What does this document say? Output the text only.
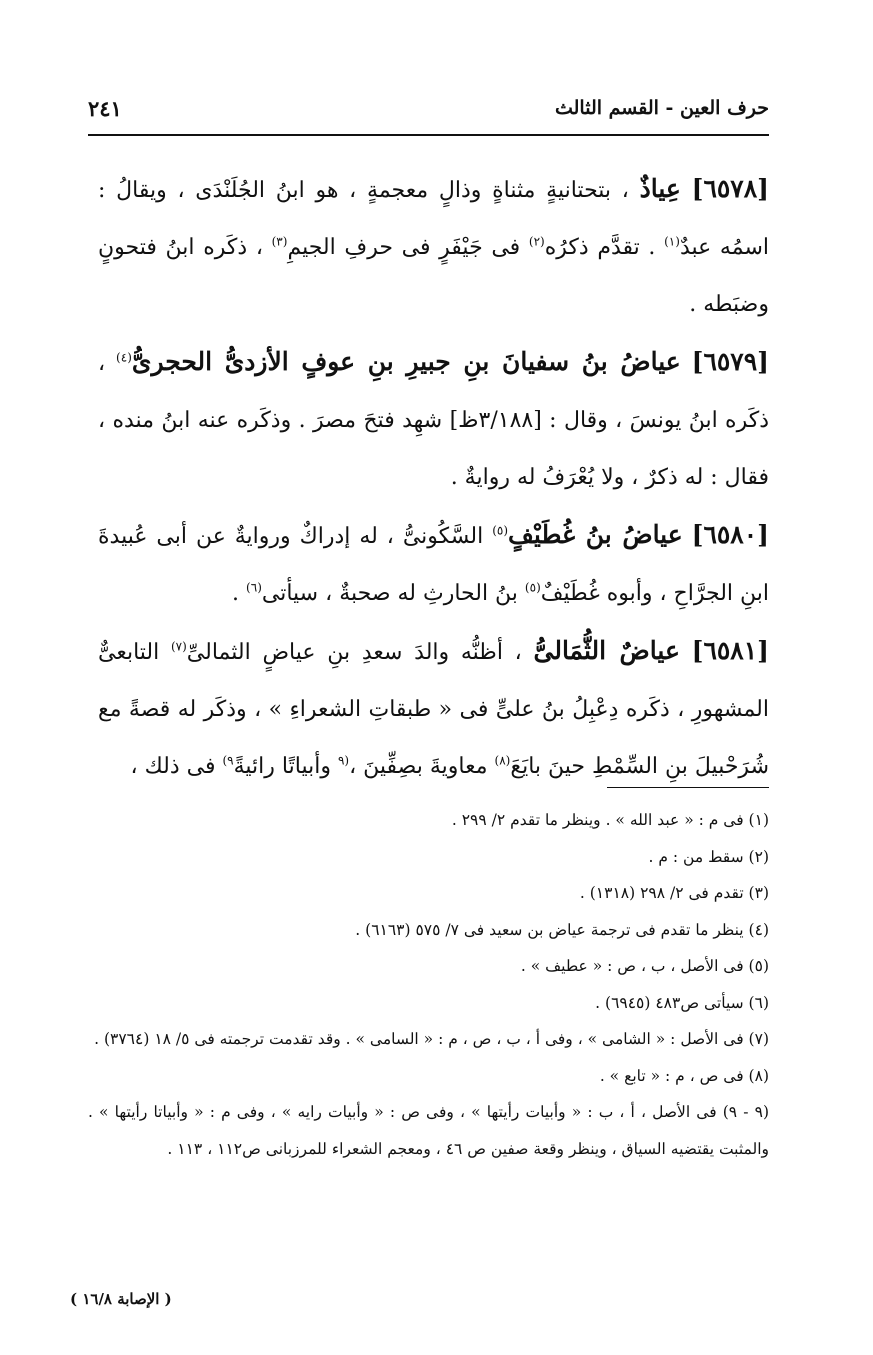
حرف العين - القسم الثالث
٢٤١

[٦٥٧٨] عِياذٌ ، بتحتانيةٍ مثناةٍ وذالٍ معجمةٍ ، هو ابنُ الجُلَنْدَى ، ويقالُ : اسمُه عبدٌ$^{(١)}$ . تقدَّم ذكرُه$^{(٢)}$ فى جَيْفَرٍ فى حرفِ الجيمِ$^{(٣)}$ ، ذكَره ابنُ فتحونٍ وضبَطه .

[٦٥٧٩] عياضُ بنُ سفيانَ بنِ جبيرِ بنِ عوفٍ الأزدىُّ الحجرىُّ$^{(٤)}$ ، ذكَره ابنُ يونسَ ، وقال : [٣/١٨٨ظ] شهِد فتحَ مصرَ . وذكَره عنه ابنُ منده ، فقال : له ذكرٌ ، ولا يُعْرَفُ له روايةٌ .

[٦٥٨٠] عياضُ بنُ غُطَيْفٍ$^{(٥)}$ السَّكُونىُّ ، له إدراكٌ وروايةٌ عن أبى عُبيدةَ ابنِ الجرَّاحِ ، وأبوه غُطَيْفٌ$^{(٥)}$ بنُ الحارثِ له صحبةٌ ، سيأتى$^{(٦)}$ .

[٦٥٨١] عياضٌ الثُّمَالىُّ ، أظنُّه والدَ سعدِ بنِ عياضٍ الثمالىِّ$^{(٧)}$ التابعىٌّ المشهورِ ، ذكَره دِعْبِلُ بنُ علىٍّ فى « طبقاتِ الشعراءِ » ، وذكَر له قصةً مع شُرَحْبيلَ بنِ السِّمْطِ حينَ بايَعَ$^{(٨)}$ معاويةَ بصِفِّينَ ،$^{(٩}$ وأبياتًا رائيةً$^{٩)}$ فى ذلك ،

(١) فى م : « عبد الله » . وينظر ما تقدم ٢/ ٢٩٩ .

(٢) سقط من : م .

(٣) تقدم فى ٢/ ٢٩٨ (١٣١٨) .

(٤) ينظر ما تقدم فى ترجمة عياض بن سعيد فى ٧/ ٥٧٥ (٦١٦٣) .

(٥) فى الأصل ، ب ، ص : « عطيف » .

(٦) سيأتى ص٤٨٣ (٦٩٤٥) .

(٧) فى الأصل : « الشامى » ، وفى أ ، ب ، ص ، م : « السامى » . وقد تقدمت ترجمته فى ٥/ ١٨ (٣٧٦٤) .

(٨) فى ص ، م : « تابع » .

(٩ - ٩) فى الأصل ، أ ، ب : « وأبيات رأيتها » ، وفى ص : « وأبيات رايه » ، وفى م : « وأبياتا رأيتها » . والمثبت يقتضيه السياق ، وينظر وقعة صفين ص ٤٦ ، ومعجم الشعراء للمرزبانى ص١١٢ ، ١١٣ .

( الإصابة ١٦/٨ )
